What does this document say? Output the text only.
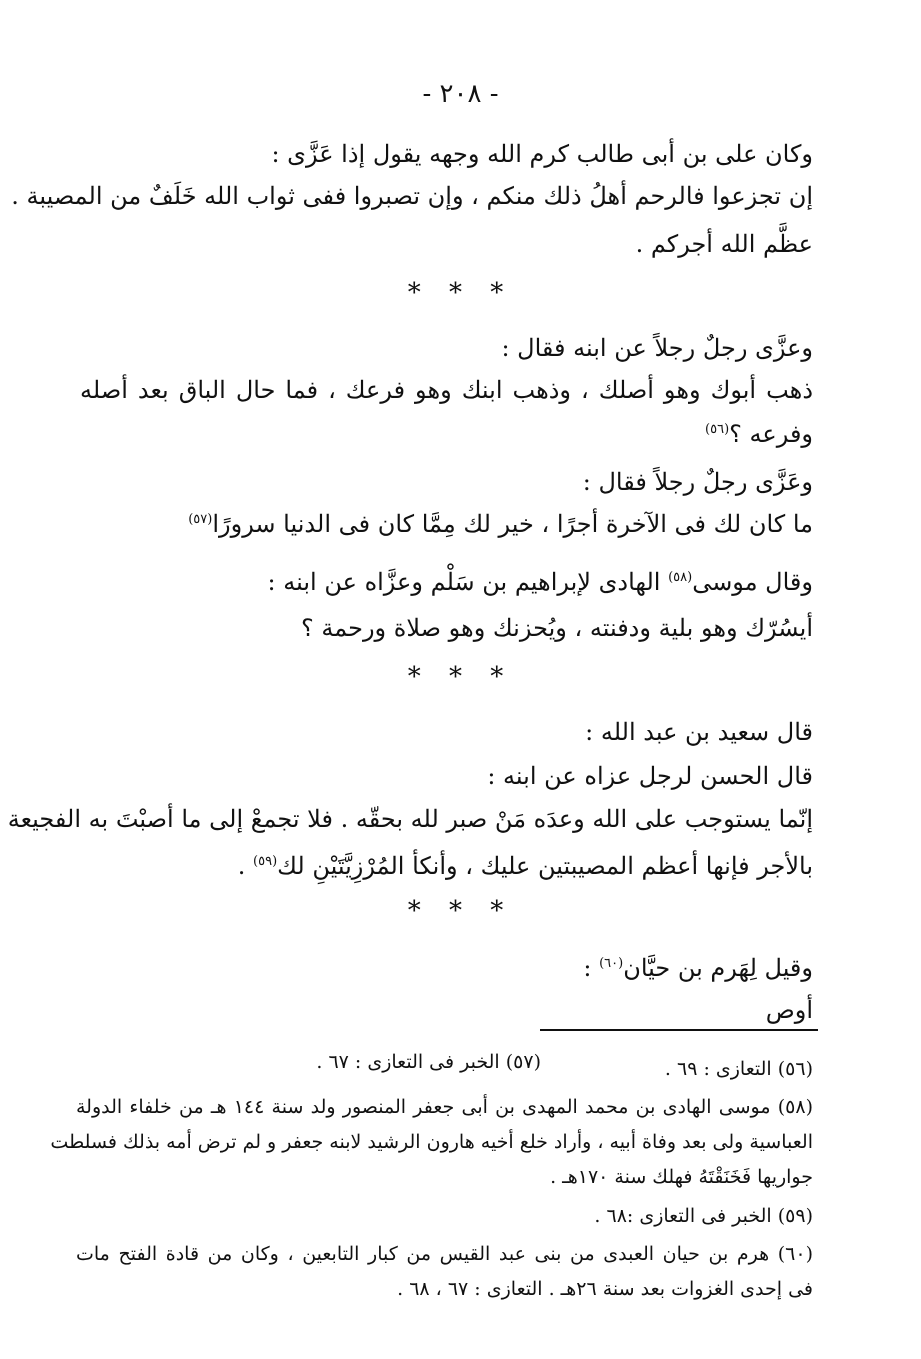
- ٢٠٨ -
وكان على بن أبى طالب كرم الله وجهه يقول إذا عَزَّى :
إن تجزعوا فالرحم أهلُ ذلك منكم ، وإن تصبروا ففى ثواب الله خَلَفٌ من المصيبة .
عظَّم الله أجركم .
* * *
وعزَّى رجلٌ رجلاً عن ابنه فقال :
ذهب أبوك وهو أصلك ، وذهب ابنك وهو فرعك ، فما حال الباق بعد أصله
وفرعه ؟$^{(٥٦)}$
وعَزَّى رجلٌ رجلاً فقال :
ما كان لك فى الآخرة أجرًا ، خير لك مِمَّا كان فى الدنيا سرورًا$^{(٥٧)}$
وقال موسى$^{(٥٨)}$ الهادى لإبراهيم بن سَلْم وعزَّاه عن ابنه :
أيسُرّك وهو بلية ودفنته ، ويُحزنك وهو صلاة ورحمة ؟
* * *
قال سعيد بن عبد الله :
قال الحسن لرجل عزاه عن ابنه :
إنّما يستوجب على الله وعدَه مَنْ صبر لله بحقّه . فلا تجمعْ إلى ما أصبْتَ به الفجيعة
بالأجر فإنها أعظم المصيبتين عليك ، وأنكأ المُرْزِيَّتَيْنِ لك$^{(٥٩)}$ .
* * *
وقيل لِهَرم بن حيَّان$^{(٦٠)}$ :
أوص
(٥٦) التعازى : ٦٩ .
(٥٧) الخبر فى التعازى : ٦٧ .
(٥٨) موسى الهادى بن محمد المهدى بن أبى جعفر المنصور ولد سنة ١٤٤ هـ من خلفاء الدولة
العباسية ولى بعد وفاة أبيه ، وأراد خلع أخيه هارون الرشيد لابنه جعفر و لم ترض أمه بذلك فسلطت
جواريها فَخَنَقْتَهُ فهلك سنة ١٧٠هـ .
(٥٩) الخبر فى التعازى :٦٨ .
(٦٠) هرم بن حيان العبدى من بنى عبد القيس من كبار التابعين ، وكان من قادة الفتح مات
فى إحدى الغزوات بعد سنة ٢٦هـ . التعازى : ٦٧ ، ٦٨ .
